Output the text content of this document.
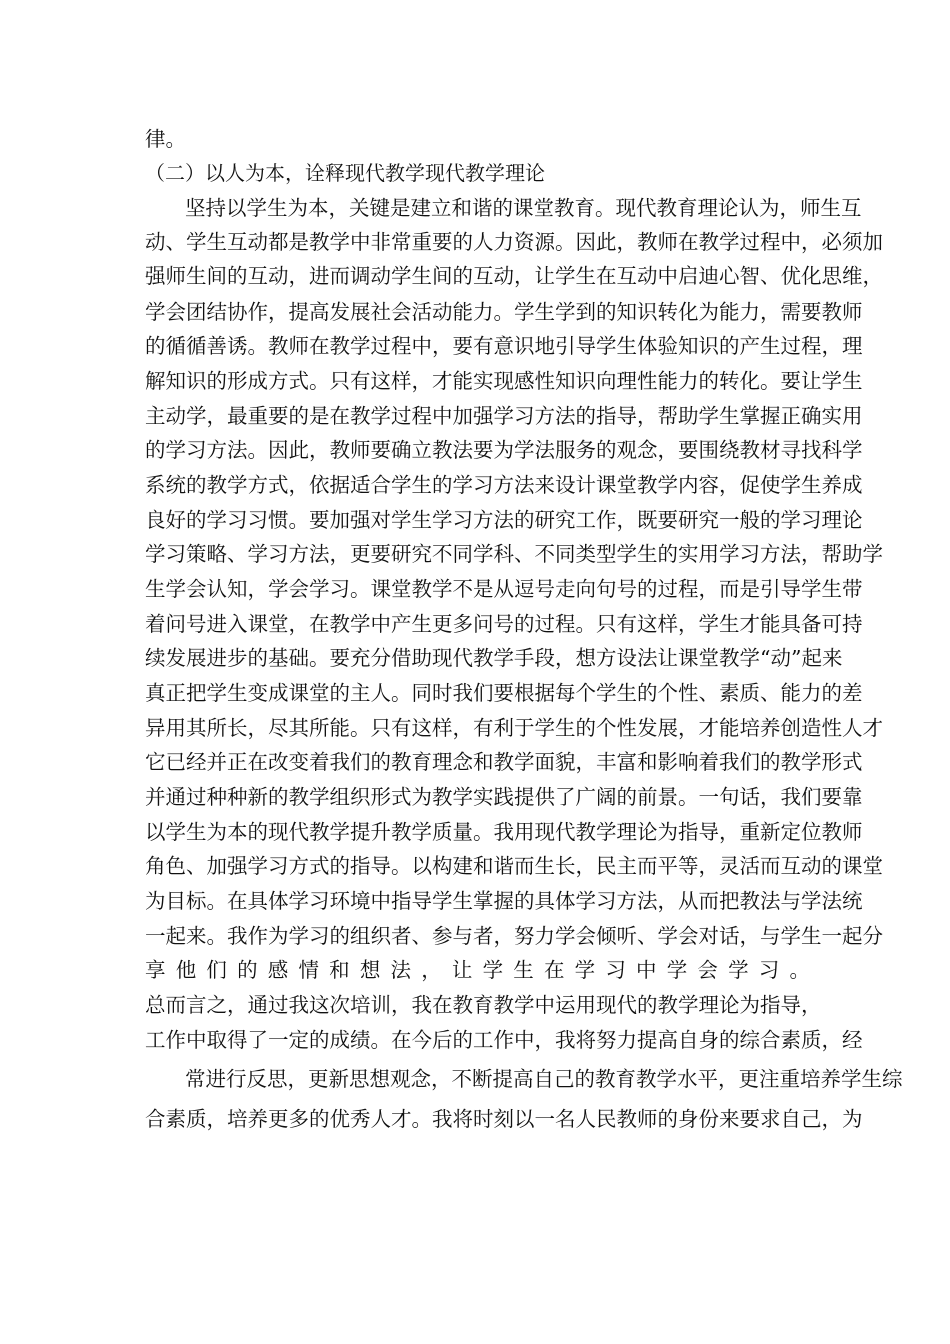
律。
（二）以人为本，诠释现代教学现代教学理论
坚持以学生为本，关键是建立和谐的课堂教育。现代教育理论认为，师生互
动、学生互动都是教学中非常重要的人力资源。因此，教师在教学过程中，必须加
强师生间的互动，进而调动学生间的互动，让学生在互动中启迪心智、优化思维，
学会团结协作，提高发展社会活动能力。学生学到的知识转化为能力，需要教师
的循循善诱。教师在教学过程中，要有意识地引导学生体验知识的产生过程，理
解知识的形成方式。只有这样，才能实现感性知识向理性能力的转化。要让学生
主动学，最重要的是在教学过程中加强学习方法的指导，帮助学生掌握正确实用
的学习方法。因此，教师要确立教法要为学法服务的观念，要围绕教材寻找科学
系统的教学方式，依据适合学生的学习方法来设计课堂教学内容，促使学生养成
良好的学习习惯。要加强对学生学习方法的研究工作，既要研究一般的学习理论
学习策略、学习方法，更要研究不同学科、不同类型学生的实用学习方法，帮助学
生学会认知，学会学习。课堂教学不是从逗号走向句号的过程，而是引导学生带
着问号进入课堂，在教学中产生更多问号的过程。只有这样，学生才能具备可持
续发展进步的基础。要充分借助现代教学手段，想方设法让课堂教学“动”起来
真正把学生变成课堂的主人。同时我们要根据每个学生的个性、素质、能力的差
异用其所长，尽其所能。只有这样，有利于学生的个性发展，才能培养创造性人才
它已经并正在改变着我们的教育理念和教学面貌，丰富和影响着我们的教学形式
并通过种种新的教学组织形式为教学实践提供了广阔的前景。一句话，我们要靠
以学生为本的现代教学提升教学质量。我用现代教学理论为指导，重新定位教师
角色、加强学习方式的指导。以构建和谐而生长，民主而平等，灵活而互动的课堂
为目标。在具体学习环境中指导学生掌握的具体学习方法，从而把教法与学法统
一起来。我作为学习的组织者、参与者，努力学会倾听、学会对话，与学生一起分
享他们的感情和想法，让学生在学习中学会学习。
总而言之，通过我这次培训，我在教育教学中运用现代的教学理论为指导，
工作中取得了一定的成绩。在今后的工作中，我将努力提高自身的综合素质，经
常进行反思，更新思想观念，不断提高自己的教育教学水平，更注重培养学生综
合素质，培养更多的优秀人才。我将时刻以一名人民教师的身份来要求自己，为
